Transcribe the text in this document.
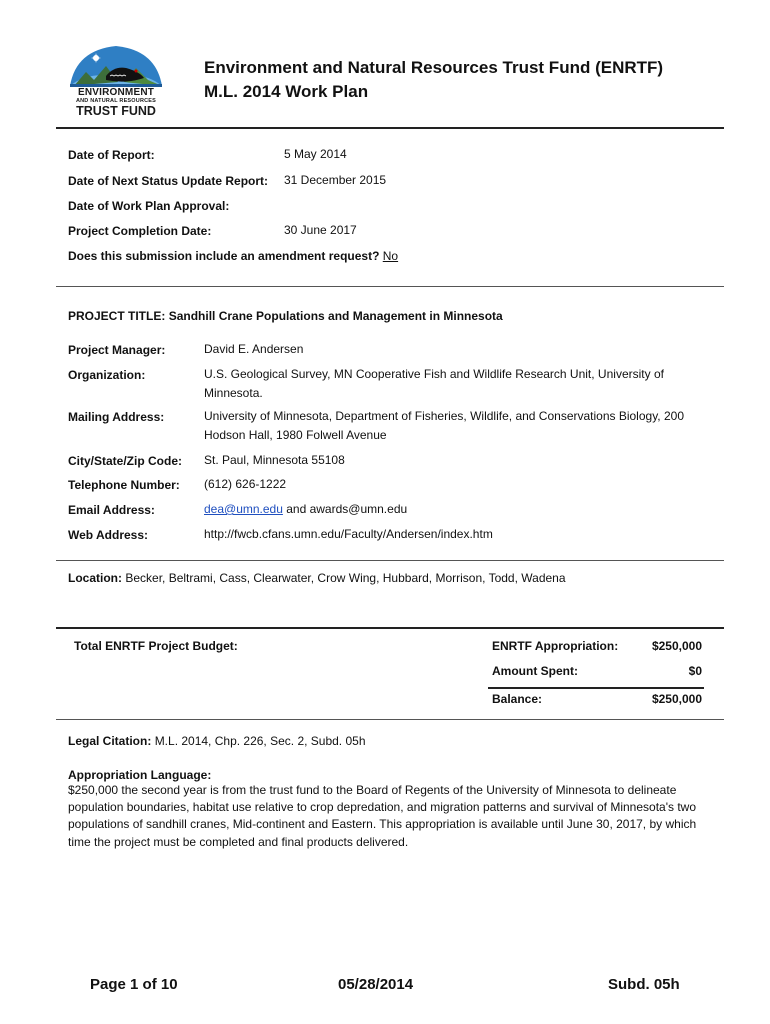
ENVIRONMENT
AND NATURAL RESOURCES
TRUST FUND
Environment and Natural Resources Trust Fund (ENRTF)
M.L. 2014 Work Plan
Date of Report:	5 May 2014
Date of Next Status Update Report: 31 December 2015
Date of Work Plan Approval:
Project Completion Date:	30 June 2017
Does this submission include an amendment request? No
PROJECT TITLE: Sandhill Crane Populations and Management in Minnesota
Project Manager:	David E. Andersen
Organization:	U.S. Geological Survey, MN Cooperative Fish and Wildlife Research Unit, University of Minnesota.
Mailing Address:	University of Minnesota, Department of Fisheries, Wildlife, and Conservations Biology, 200 Hodson Hall, 1980 Folwell Avenue
City/State/Zip Code: St. Paul, Minnesota 55108
Telephone Number: (612) 626-1222
Email Address:	dea@umn.edu and awards@umn.edu
Web Address:	http://fwcb.cfans.umn.edu/Faculty/Andersen/index.htm
Location: Becker, Beltrami, Cass, Clearwater, Crow Wing, Hubbard, Morrison, Todd, Wadena
Total ENRTF Project Budget:	ENRTF Appropriation:	$250,000
Amount Spent:	$0
Balance:	$250,000
Legal Citation: M.L. 2014, Chp. 226, Sec. 2, Subd. 05h
Appropriation Language:
$250,000 the second year is from the trust fund to the Board of Regents of the University of Minnesota to delineate population boundaries, habitat use relative to crop depredation, and migration patterns and survival of Minnesota's two populations of sandhill cranes, Mid-continent and Eastern. This appropriation is available until June 30, 2017, by which time the project must be completed and final products delivered.
Page 1 of 10	05/28/2014	Subd. 05h
